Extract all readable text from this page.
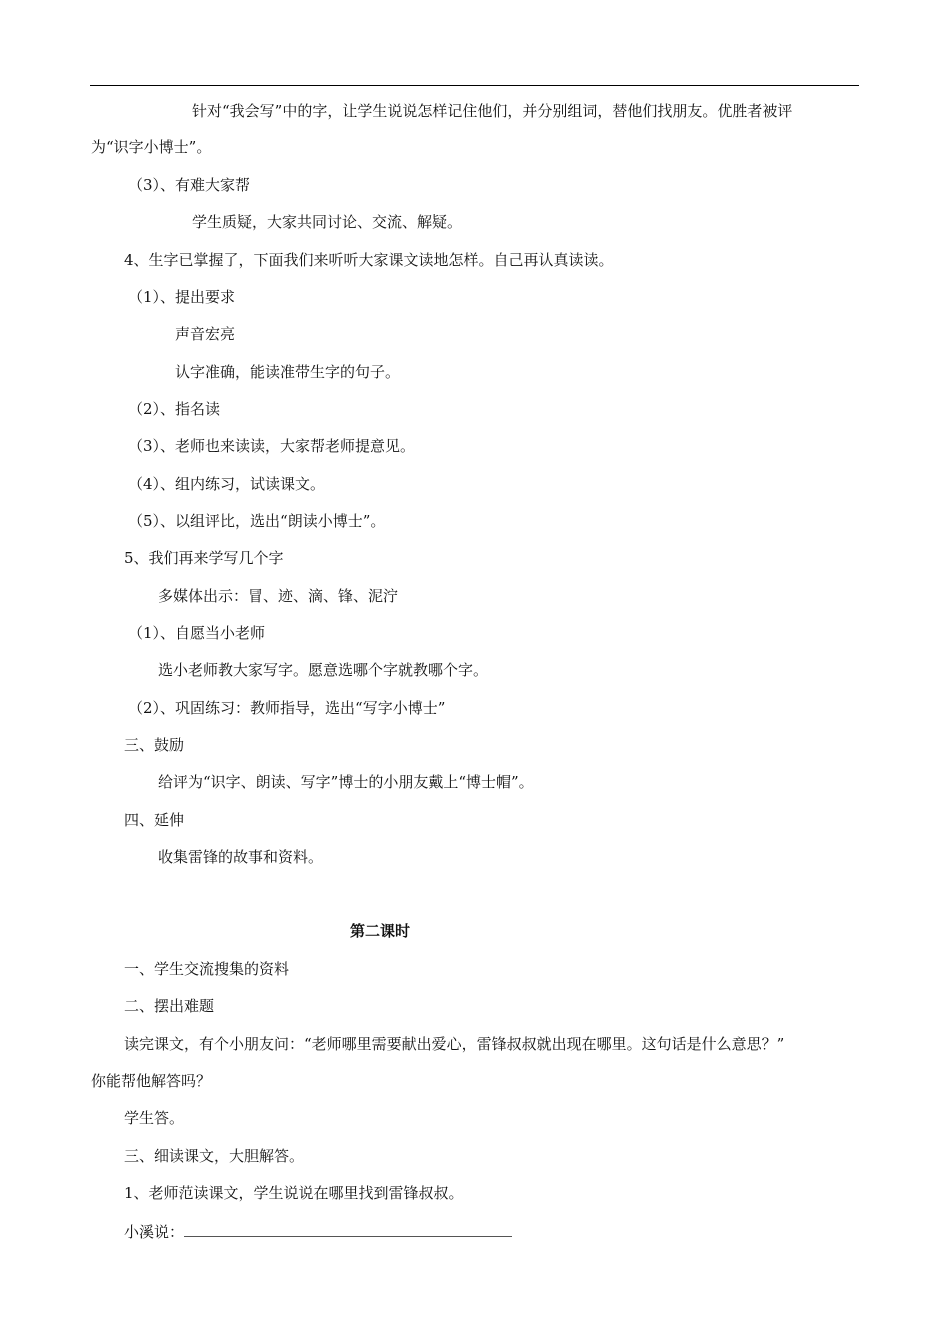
针对“我会写”中的字，让学生说说怎样记住他们，并分别组词，替他们找朋友。优胜者被评
为“识字小博士”。
（3）、有难大家帮
学生质疑，大家共同讨论、交流、解疑。
4、生字已掌握了，下面我们来听听大家课文读地怎样。自己再认真读读。
（1）、提出要求
声音宏亮
认字准确，能读准带生字的句子。
（2）、指名读
（3）、老师也来读读，大家帮老师提意见。
（4）、组内练习，试读课文。
（5）、以组评比，选出“朗读小博士”。
5、我们再来学写几个字
多媒体出示：冒、迹、滴、锋、泥泞
（1）、自愿当小老师
选小老师教大家写字。愿意选哪个字就教哪个字。
（2）、巩固练习：教师指导，选出“写字小博士”
三、鼓励
给评为“识字、朗读、写字”博士的小朋友戴上“博士帽”。
四、延伸
收集雷锋的故事和资料。
第二课时
一、学生交流搜集的资料
二、摆出难题
读完课文，有个小朋友问：“老师哪里需要献出爱心，雷锋叔叔就出现在哪里。这句话是什么意思？”
你能帮他解答吗？
学生答。
三、细读课文，大胆解答。
1、老师范读课文，学生说说在哪里找到雷锋叔叔。
小溪说：
